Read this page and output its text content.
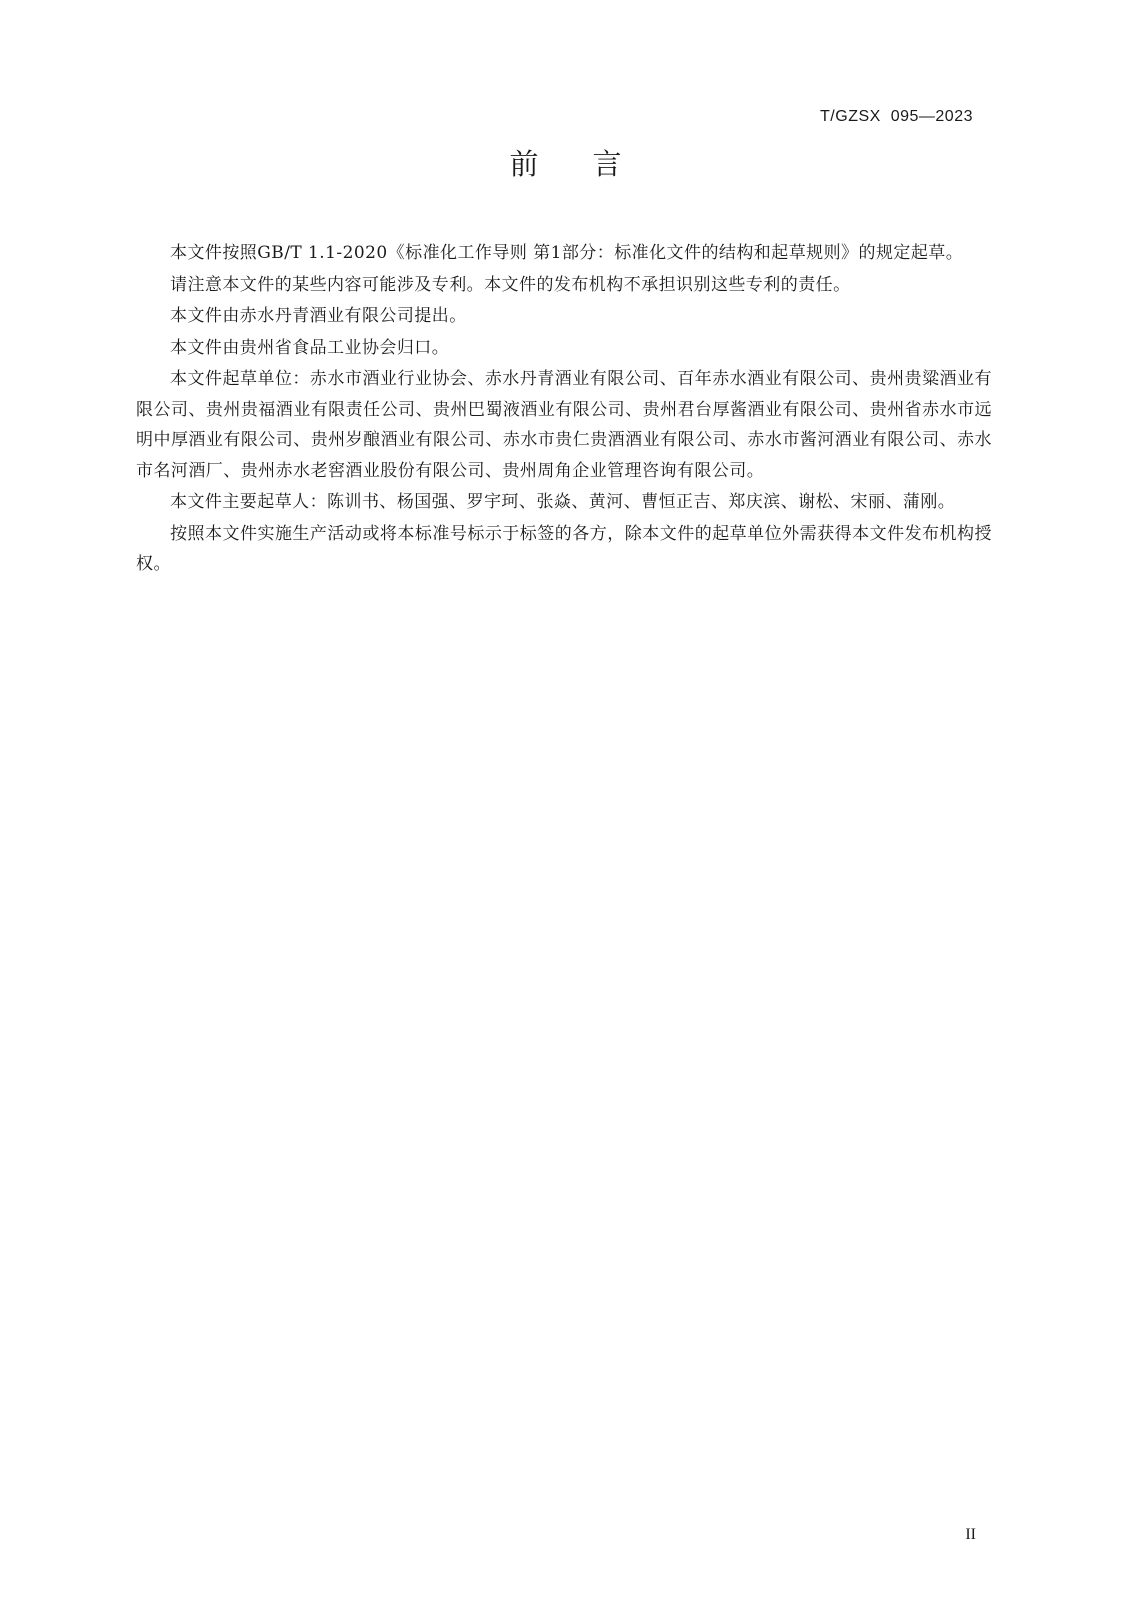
T/GZSX  095—2023
前言

本文件按照GB/T 1.1-2020《标准化工作导则 第1部分：标准化文件的结构和起草规则》的规定起草。

请注意本文件的某些内容可能涉及专利。本文件的发布机构不承担识别这些专利的责任。

本文件由赤水丹青酒业有限公司提出。

本文件由贵州省食品工业协会归口。

本文件起草单位：赤水市酒业行业协会、赤水丹青酒业有限公司、百年赤水酒业有限公司、贵州贵粱酒业有限公司、贵州贵福酒业有限责任公司、贵州巴蜀液酒业有限公司、贵州君台厚酱酒业有限公司、贵州省赤水市远明中厚酒业有限公司、贵州岁酿酒业有限公司、赤水市贵仁贵酒酒业有限公司、赤水市酱河酒业有限公司、赤水市名河酒厂、贵州赤水老窖酒业股份有限公司、贵州周角企业管理咨询有限公司。

本文件主要起草人：陈训书、杨国强、罗宇珂、张焱、黄河、曹恒正吉、郑庆滨、谢松、宋丽、蒲刚。

按照本文件实施生产活动或将本标准号标示于标签的各方，除本文件的起草单位外需获得本文件发布机构授权。

II
